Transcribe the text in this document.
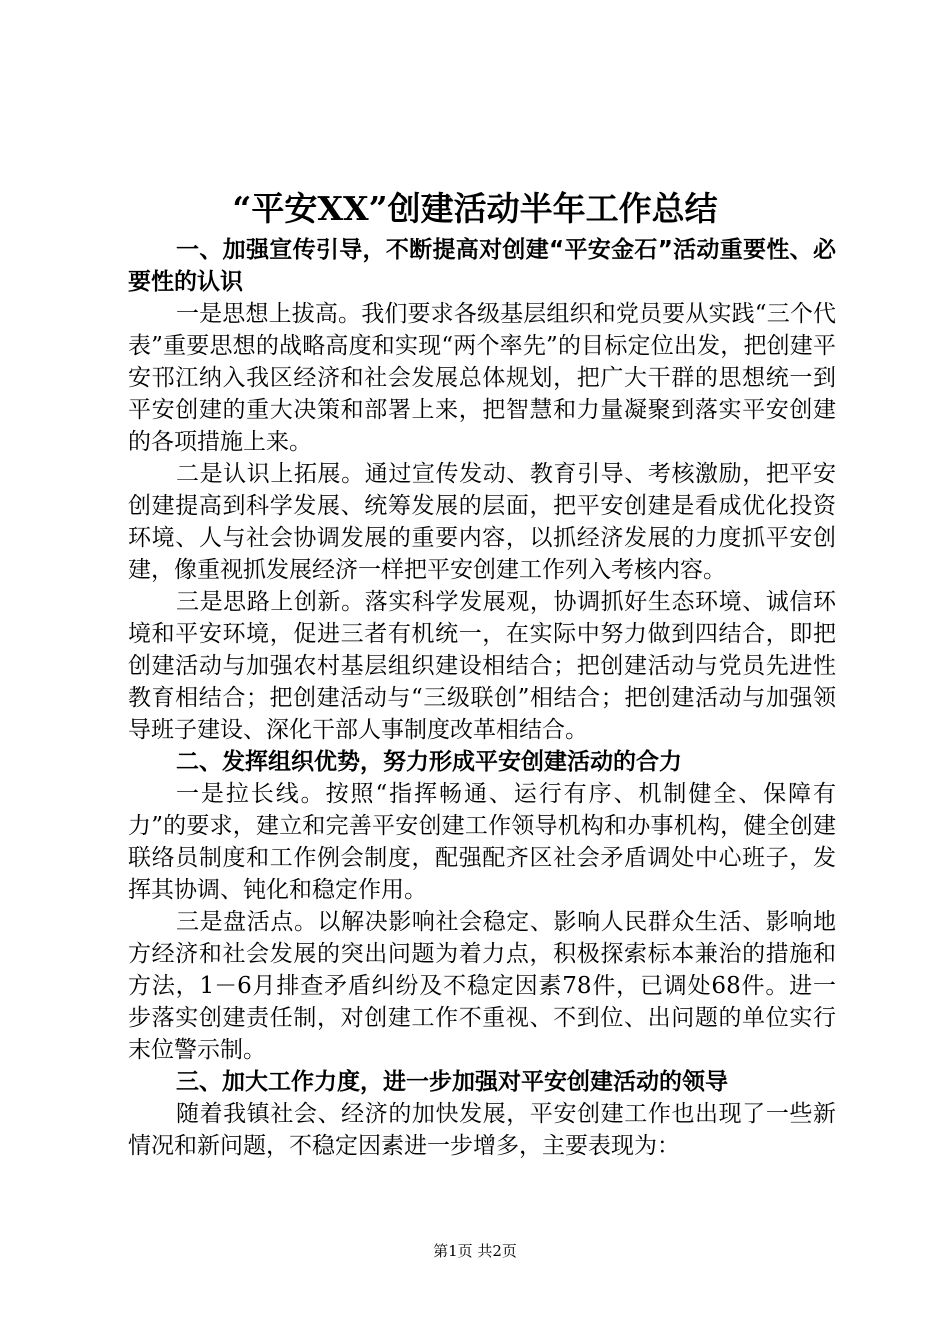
“平安XX”创建活动半年工作总结

一、加强宣传引导，不断提高对创建“平安金石”活动重要性、必要性的认识

一是思想上拔高。我们要求各级基层组织和党员要从实践“三个代表”重要思想的战略高度和实现“两个率先”的目标定位出发，把创建平安邗江纳入我区经济和社会发展总体规划，把广大干群的思想统一到平安创建的重大决策和部署上来，把智慧和力量凝聚到落实平安创建的各项措施上来。

二是认识上拓展。通过宣传发动、教育引导、考核激励，把平安创建提高到科学发展、统筹发展的层面，把平安创建是看成优化投资环境、人与社会协调发展的重要内容，以抓经济发展的力度抓平安创建，像重视抓发展经济一样把平安创建工作列入考核内容。

三是思路上创新。落实科学发展观，协调抓好生态环境、诚信环境和平安环境，促进三者有机统一，在实际中努力做到四结合，即把创建活动与加强农村基层组织建设相结合；把创建活动与党员先进性教育相结合；把创建活动与“三级联创”相结合；把创建活动与加强领导班子建设、深化干部人事制度改革相结合。

二、发挥组织优势，努力形成平安创建活动的合力

一是拉长线。按照“指挥畅通、运行有序、机制健全、保障有力”的要求，建立和完善平安创建工作领导机构和办事机构，健全创建联络员制度和工作例会制度，配强配齐区社会矛盾调处中心班子，发挥其协调、钝化和稳定作用。

三是盘活点。以解决影响社会稳定、影响人民群众生活、影响地方经济和社会发展的突出问题为着力点，积极探索标本兼治的措施和方法，1－6月排查矛盾纠纷及不稳定因素78件，已调处68件。进一步落实创建责任制，对创建工作不重视、不到位、出问题的单位实行末位警示制。

三、加大工作力度，进一步加强对平安创建活动的领导

随着我镇社会、经济的加快发展，平安创建工作也出现了一些新情况和新问题，不稳定因素进一步增多，主要表现为：

第1页 共2页
